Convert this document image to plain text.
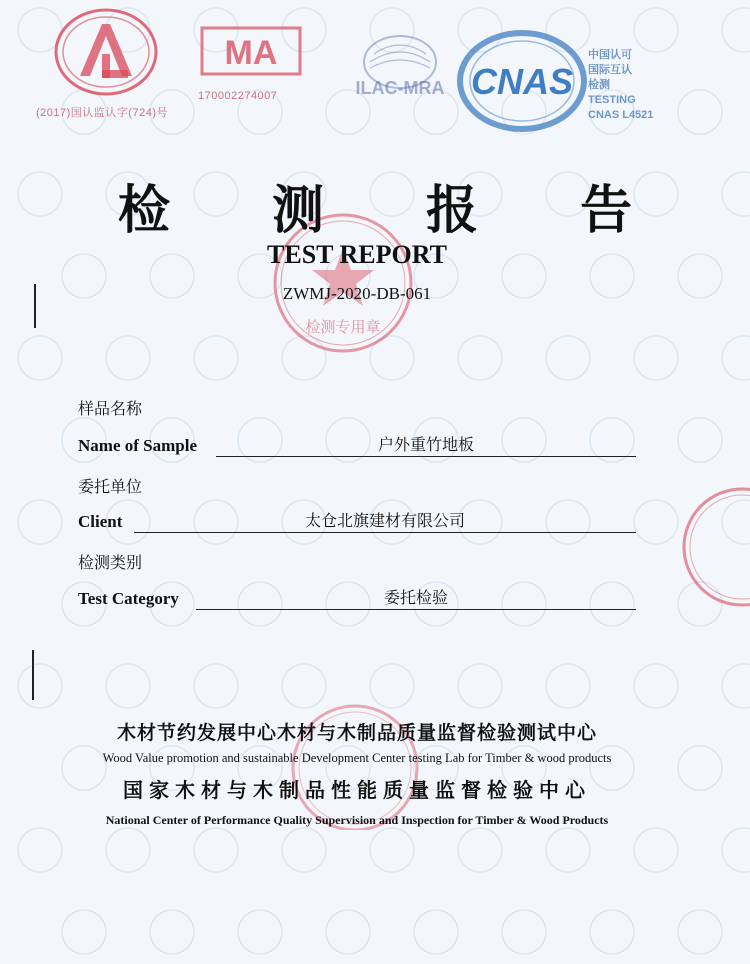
(2017)国认监认字(724)号
MA
170002274007	ILAC-MRA CNAS
中国认可
国际互认
检测
TESTING
CNAS L4521
检测专用章
检 测 报 告
TEST REPORT
ZWMJ-2020-DB-061
样品名称
Name of Sample	户外重竹地板
委托单位
Client	太仓北旗建材有限公司
检测类别
Test Category	委托检验
木材节约发展中心木材与木制品质量监督检验测试中心
Wood Value promotion and sustainable Development Center testing Lab for Timber & wood products
国家木材与木制品性能质量监督检验中心
National Center of Performance Quality Supervision and Inspection for Timber & Wood Products
